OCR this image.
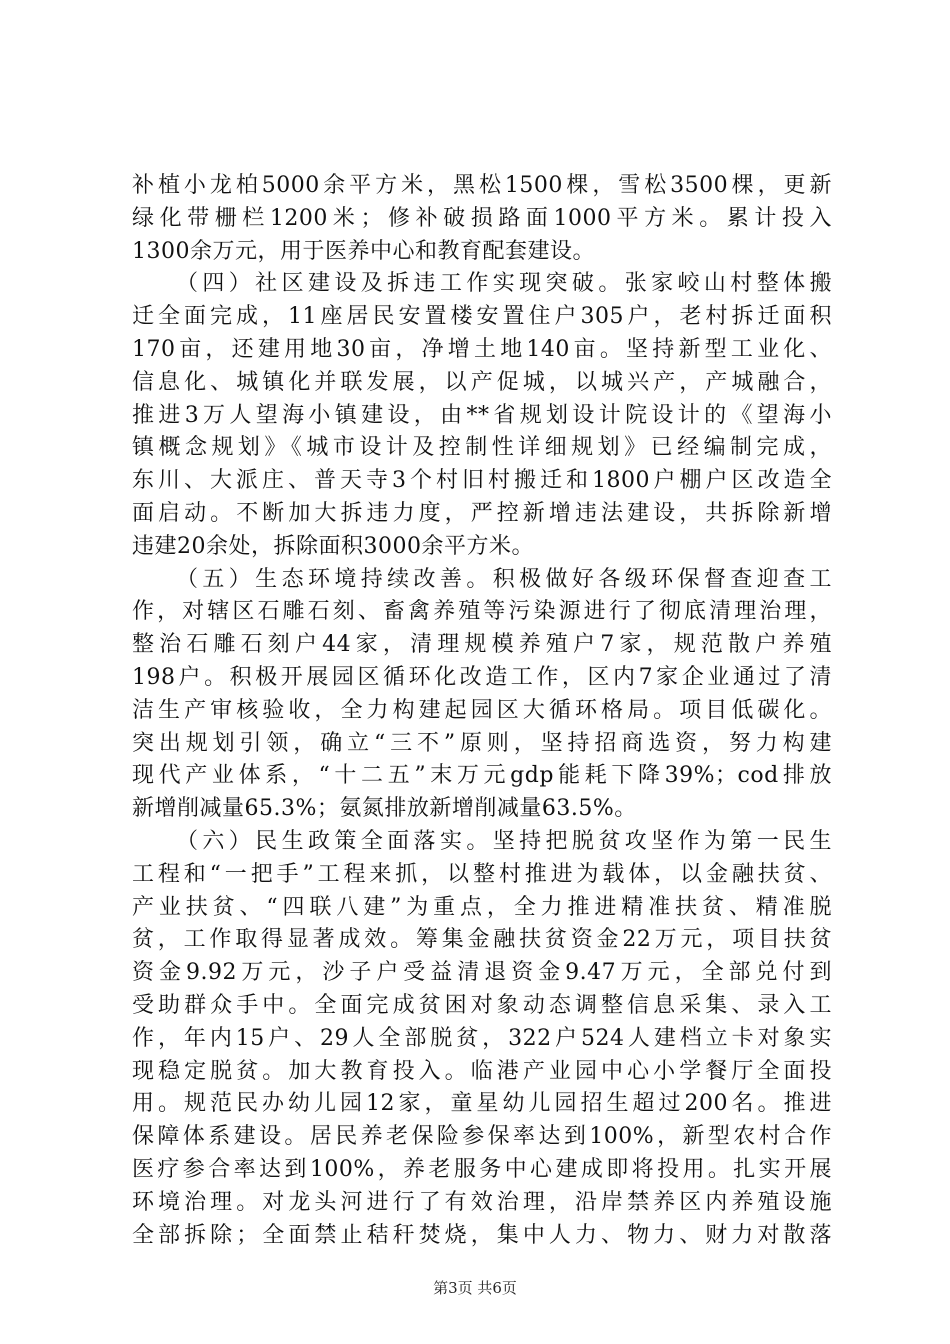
补植小龙柏5000余平方米，黑松1500棵，雪松3500棵，更新
绿化带栅栏1200米；修补破损路面1000平方米。累计投入
1300余万元，用于医养中心和教育配套建设。
（四）社区建设及拆违工作实现突破。张家峧山村整体搬
迁全面完成，11座居民安置楼安置住户305户，老村拆迁面积
170亩，还建用地30亩，净增土地140亩。坚持新型工业化、
信息化、城镇化并联发展，以产促城，以城兴产，产城融合，
推进3万人望海小镇建设，由**省规划设计院设计的《望海小
镇概念规划》《城市设计及控制性详细规划》已经编制完成，
东川、大派庄、普天寺3个村旧村搬迁和1800户棚户区改造全
面启动。不断加大拆违力度，严控新增违法建设，共拆除新增
违建20余处，拆除面积3000余平方米。
（五）生态环境持续改善。积极做好各级环保督查迎查工
作，对辖区石雕石刻、畜禽养殖等污染源进行了彻底清理治理，
整治石雕石刻户44家，清理规模养殖户7家，规范散户养殖
198户。积极开展园区循环化改造工作，区内7家企业通过了清
洁生产审核验收，全力构建起园区大循环格局。项目低碳化。
突出规划引领，确立“三不”原则，坚持招商选资，努力构建
现代产业体系，“十二五”末万元gdp能耗下降39%；cod排放
新增削减量65.3%；氨氮排放新增削减量63.5%。
（六）民生政策全面落实。坚持把脱贫攻坚作为第一民生
工程和“一把手”工程来抓，以整村推进为载体，以金融扶贫、
产业扶贫、“四联八建”为重点，全力推进精准扶贫、精准脱
贫，工作取得显著成效。筹集金融扶贫资金22万元，项目扶贫
资金9.92万元，沙子户受益清退资金9.47万元，全部兑付到
受助群众手中。全面完成贫困对象动态调整信息采集、录入工
作，年内15户、29人全部脱贫，322户524人建档立卡对象实
现稳定脱贫。加大教育投入。临港产业园中心小学餐厅全面投
用。规范民办幼儿园12家，童星幼儿园招生超过200名。推进
保障体系建设。居民养老保险参保率达到100%，新型农村合作
医疗参合率达到100%，养老服务中心建成即将投用。扎实开展
环境治理。对龙头河进行了有效治理，沿岸禁养区内养殖设施
全部拆除；全面禁止秸秆焚烧，集中人力、物力、财力对散落
第3页 共6页
